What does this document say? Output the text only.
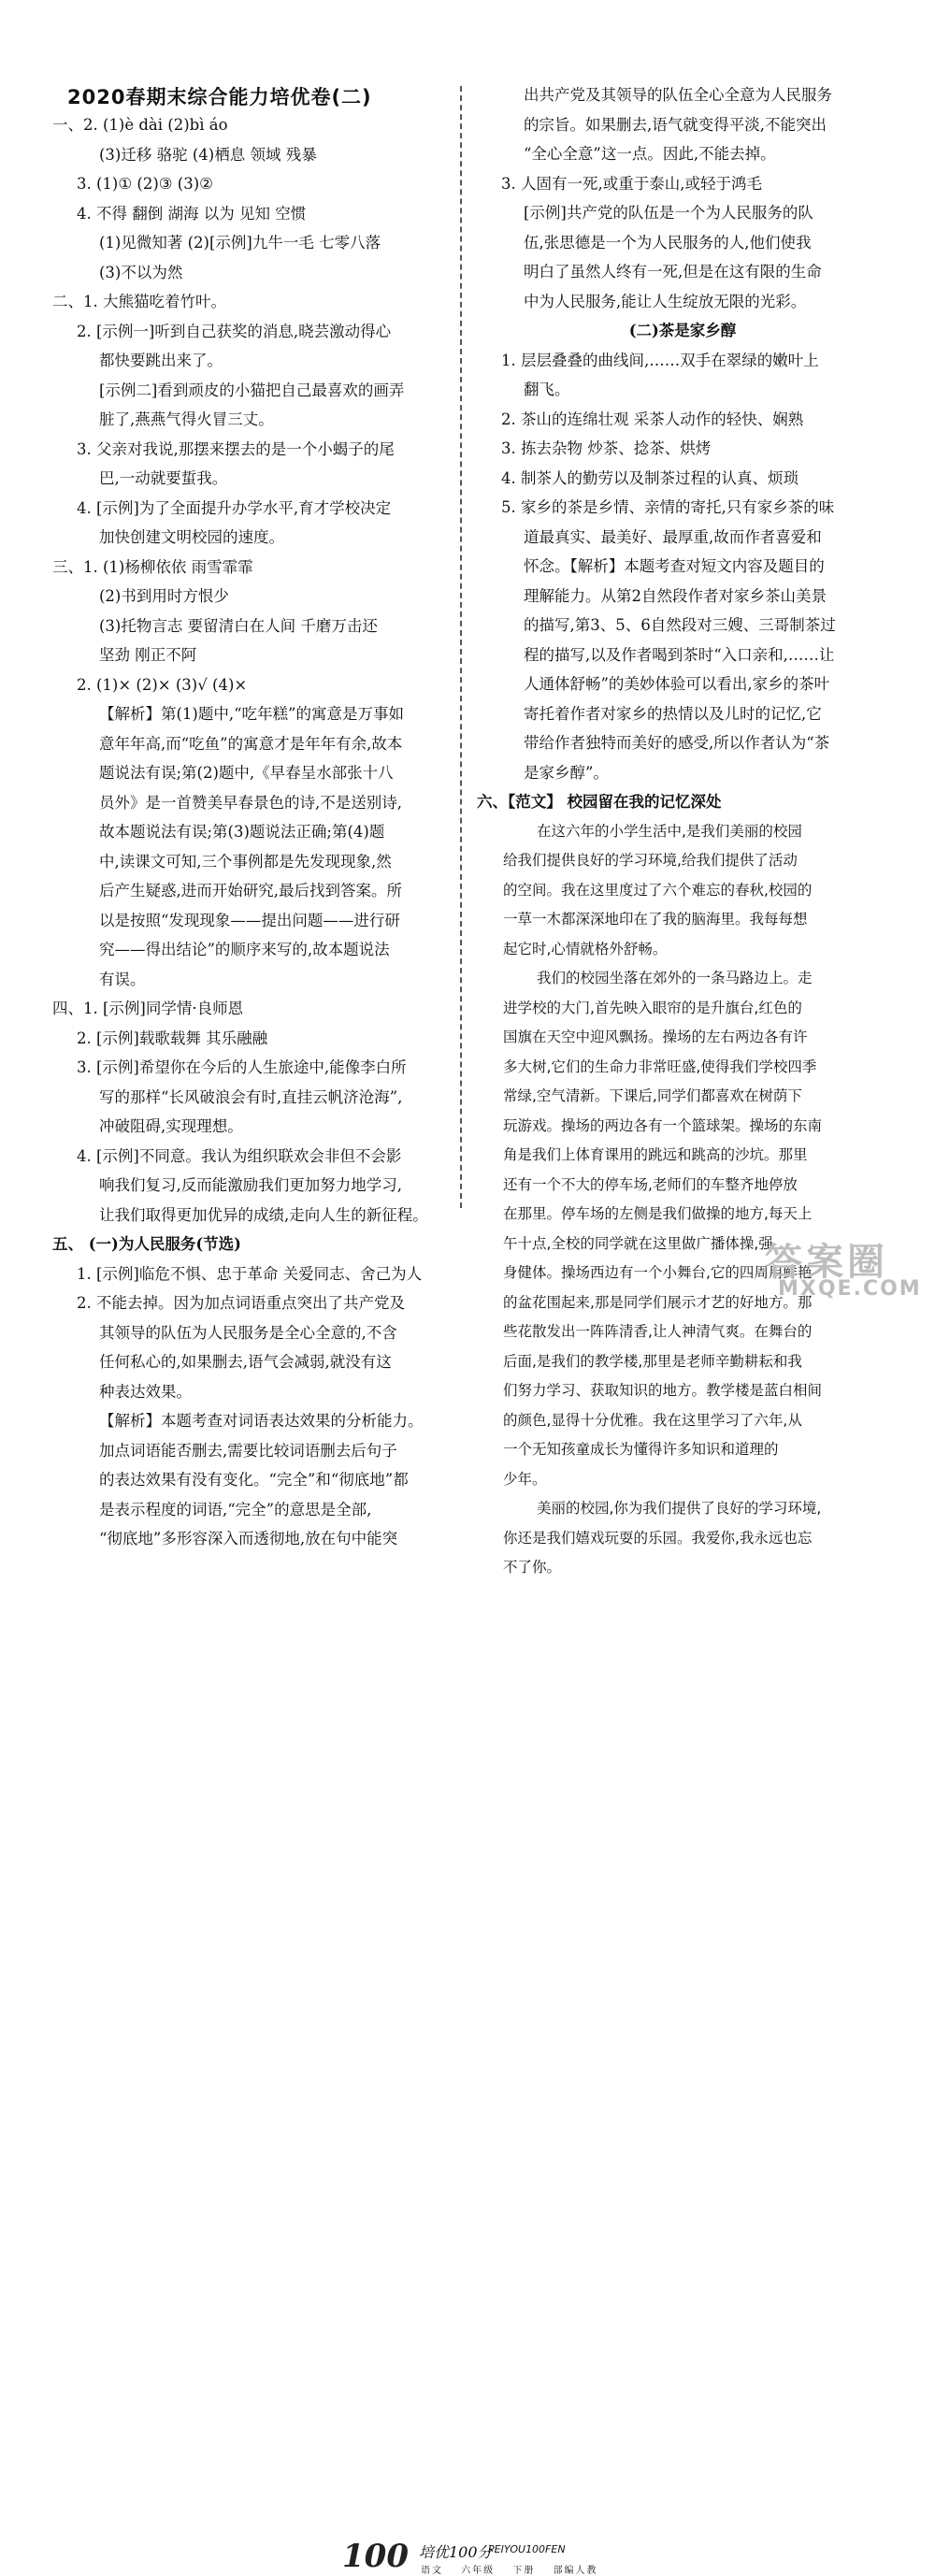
2020春期末综合能力培优卷(二)
一、2. (1)è dài (2)bì áo
(3)迁移 骆驼 (4)栖息 领域 残暴
3. (1)① (2)③ (3)②
4. 不得 翻倒 湖海 以为 见知 空惯
(1)见微知著 (2)[示例]九牛一毛 七零八落
(3)不以为然
二、1. 大熊猫吃着竹叶。
2. [示例一]听到自己获奖的消息,晓芸激动得心
都快要跳出来了。
[示例二]看到顽皮的小猫把自己最喜欢的画弄
脏了,燕燕气得火冒三丈。
3. 父亲对我说,那摆来摆去的是一个小蝎子的尾
巴,一动就要蜇我。
4. [示例]为了全面提升办学水平,育才学校决定
加快创建文明校园的速度。
三、1. (1)杨柳依依 雨雪霏霏
(2)书到用时方恨少
(3)托物言志 要留清白在人间 千磨万击还
坚劲 刚正不阿
2. (1)× (2)× (3)√ (4)×
【解析】第(1)题中,“吃年糕”的寓意是万事如
意年年高,而“吃鱼”的寓意才是年年有余,故本
题说法有误;第(2)题中,《早春呈水部张十八
员外》是一首赞美早春景色的诗,不是送别诗,
故本题说法有误;第(3)题说法正确;第(4)题
中,读课文可知,三个事例都是先发现现象,然
后产生疑惑,进而开始研究,最后找到答案。所
以是按照“发现现象——提出问题——进行研
究——得出结论”的顺序来写的,故本题说法
有误。
四、1. [示例]同学情·良师恩
2. [示例]载歌载舞 其乐融融
3. [示例]希望你在今后的人生旅途中,能像李白所
写的那样“长风破浪会有时,直挂云帆济沧海”,
冲破阻碍,实现理想。
4. [示例]不同意。我认为组织联欢会非但不会影
响我们复习,反而能激励我们更加努力地学习,
让我们取得更加优异的成绩,走向人生的新征程。
五、 (一)为人民服务(节选)
1. [示例]临危不惧、忠于革命 关爱同志、舍己为人
2. 不能去掉。因为加点词语重点突出了共产党及
其领导的队伍为人民服务是全心全意的,不含
任何私心的,如果删去,语气会减弱,就没有这
种表达效果。
【解析】本题考查对词语表达效果的分析能力。
加点词语能否删去,需要比较词语删去后句子
的表达效果有没有变化。“完全”和“彻底地”都
是表示程度的词语,“完全”的意思是全部,
“彻底地”多形容深入而透彻地,放在句中能突
出共产党及其领导的队伍全心全意为人民服务
的宗旨。如果删去,语气就变得平淡,不能突出
“全心全意”这一点。因此,不能去掉。
3. 人固有一死,或重于泰山,或轻于鸿毛
[示例]共产党的队伍是一个为人民服务的队
伍,张思德是一个为人民服务的人,他们使我
明白了虽然人终有一死,但是在这有限的生命
中为人民服务,能让人生绽放无限的光彩。
(二)茶是家乡醇
1. 层层叠叠的曲线间,……双手在翠绿的嫩叶上
翻飞。
2. 茶山的连绵壮观 采茶人动作的轻快、娴熟
3. 拣去杂物 炒茶、捻茶、烘烤
4. 制茶人的勤劳以及制茶过程的认真、烦琐
5. 家乡的茶是乡情、亲情的寄托,只有家乡茶的味
道最真实、最美好、最厚重,故而作者喜爱和
怀念。【解析】本题考查对短文内容及题目的
理解能力。从第2自然段作者对家乡茶山美景
的描写,第3、5、6自然段对三嫂、三哥制茶过
程的描写,以及作者喝到茶时“入口亲和,……让
人通体舒畅”的美妙体验可以看出,家乡的茶叶
寄托着作者对家乡的热情以及儿时的记忆,它
带给作者独特而美好的感受,所以作者认为“茶
是家乡醇”。
六、【范文】 校园留在我的记忆深处
在这六年的小学生活中,是我们美丽的校园
给我们提供良好的学习环境,给我们提供了活动
的空间。我在这里度过了六个难忘的春秋,校园的
一草一木都深深地印在了我的脑海里。我每每想
起它时,心情就格外舒畅。
我们的校园坐落在郊外的一条马路边上。走
进学校的大门,首先映入眼帘的是升旗台,红色的
国旗在天空中迎风飘扬。操场的左右两边各有许
多大树,它们的生命力非常旺盛,使得我们学校四季
常绿,空气清新。下课后,同学们都喜欢在树荫下
玩游戏。操场的两边各有一个篮球架。操场的东南
角是我们上体育课用的跳远和跳高的沙坑。那里
还有一个不大的停车场,老师们的车整齐地停放
在那里。停车场的左侧是我们做操的地方,每天上
午十点,全校的同学就在这里做广播体操,强
身健体。操场西边有一个小舞台,它的四周用鲜艳
的盆花围起来,那是同学们展示才艺的好地方。那
些花散发出一阵阵清香,让人神清气爽。在舞台的
后面,是我们的教学楼,那里是老师辛勤耕耘和我
们努力学习、获取知识的地方。教学楼是蓝白相间
的颜色,显得十分优雅。我在这里学习了六年,从
一个无知孩童成长为懂得许多知识和道理的
少年。
美丽的校园,你为我们提供了良好的学习环境,
你还是我们嬉戏玩耍的乐园。我爱你,我永远也忘
不了你。
100 培优100分
PEIYOU100FEN
语文 六年级 下册 部编人教
答案圈
MXQE.COM
